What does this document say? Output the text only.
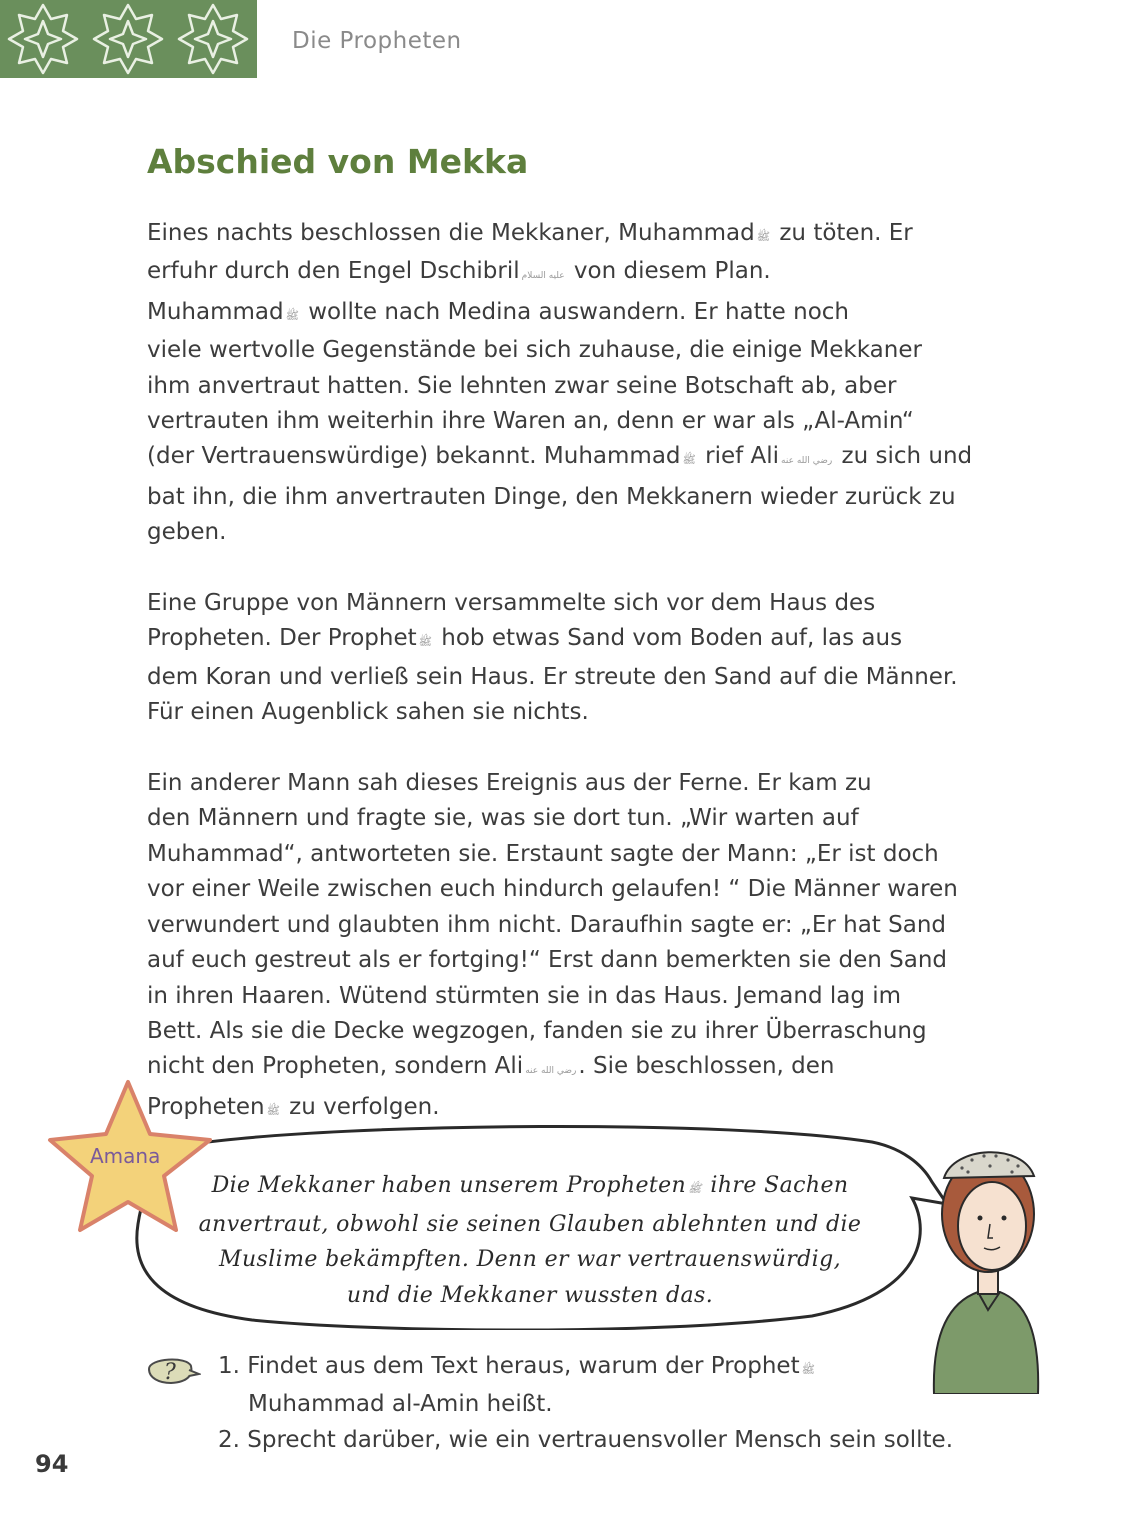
Die Propheten
Abschied von Mekka

Eines nachts beschlossen die Mekkaner, Muhammad ﷺ zu töten. Er
erfuhr durch den Engel Dschibril عليه السلام von diesem Plan.
Muhammad ﷺ wollte nach Medina auswandern. Er hatte noch
viele wertvolle Gegenstände bei sich zuhause, die einige Mekkaner
ihm anvertraut hatten. Sie lehnten zwar seine Botschaft ab, aber
vertrauten ihm weiterhin ihre Waren an, denn er war als „Al-Amin“
(der Vertrauenswürdige) bekannt. Muhammad ﷺ rief Ali رضي الله عنه zu sich und
bat ihn, die ihm anvertrauten Dinge, den Mekkanern wieder zurück zu
geben.

Eine Gruppe von Männern versammelte sich vor dem Haus des
Propheten. Der Prophet ﷺ hob etwas Sand vom Boden auf, las aus
dem Koran und verließ sein Haus. Er streute den Sand auf die Männer.
Für einen Augenblick sahen sie nichts.

Ein anderer Mann sah dieses Ereignis aus der Ferne. Er kam zu
den Männern und fragte sie, was sie dort tun. „Wir warten auf
Muhammad“, antworteten sie. Erstaunt sagte der Mann: „Er ist doch
vor einer Weile zwischen euch hindurch gelaufen! “ Die Männer waren
verwundert und glaubten ihm nicht. Daraufhin sagte er: „Er hat Sand
auf euch gestreut als er fortging!“ Erst dann bemerkten sie den Sand
in ihren Haaren. Wütend stürmten sie in das Haus. Jemand lag im
Bett. Als sie die Decke wegzogen, fanden sie zu ihrer Überraschung
nicht den Propheten, sondern Ali رضي الله عنه. Sie beschlossen, den
Propheten ﷺ zu verfolgen.

Amana
Die Mekkaner haben unserem Propheten ﷺ ihre Sachen
anvertraut, obwohl sie seinen Glauben ablehnten und die
Muslime bekämpften. Denn er war vertrauenswürdig,
und die Mekkaner wussten das.
? 1. Findet aus dem Text heraus, warum der Prophet ﷺ
Muhammad al-Amin heißt.
2. Sprecht darüber, wie ein vertrauensvoller Mensch sein sollte.
94
